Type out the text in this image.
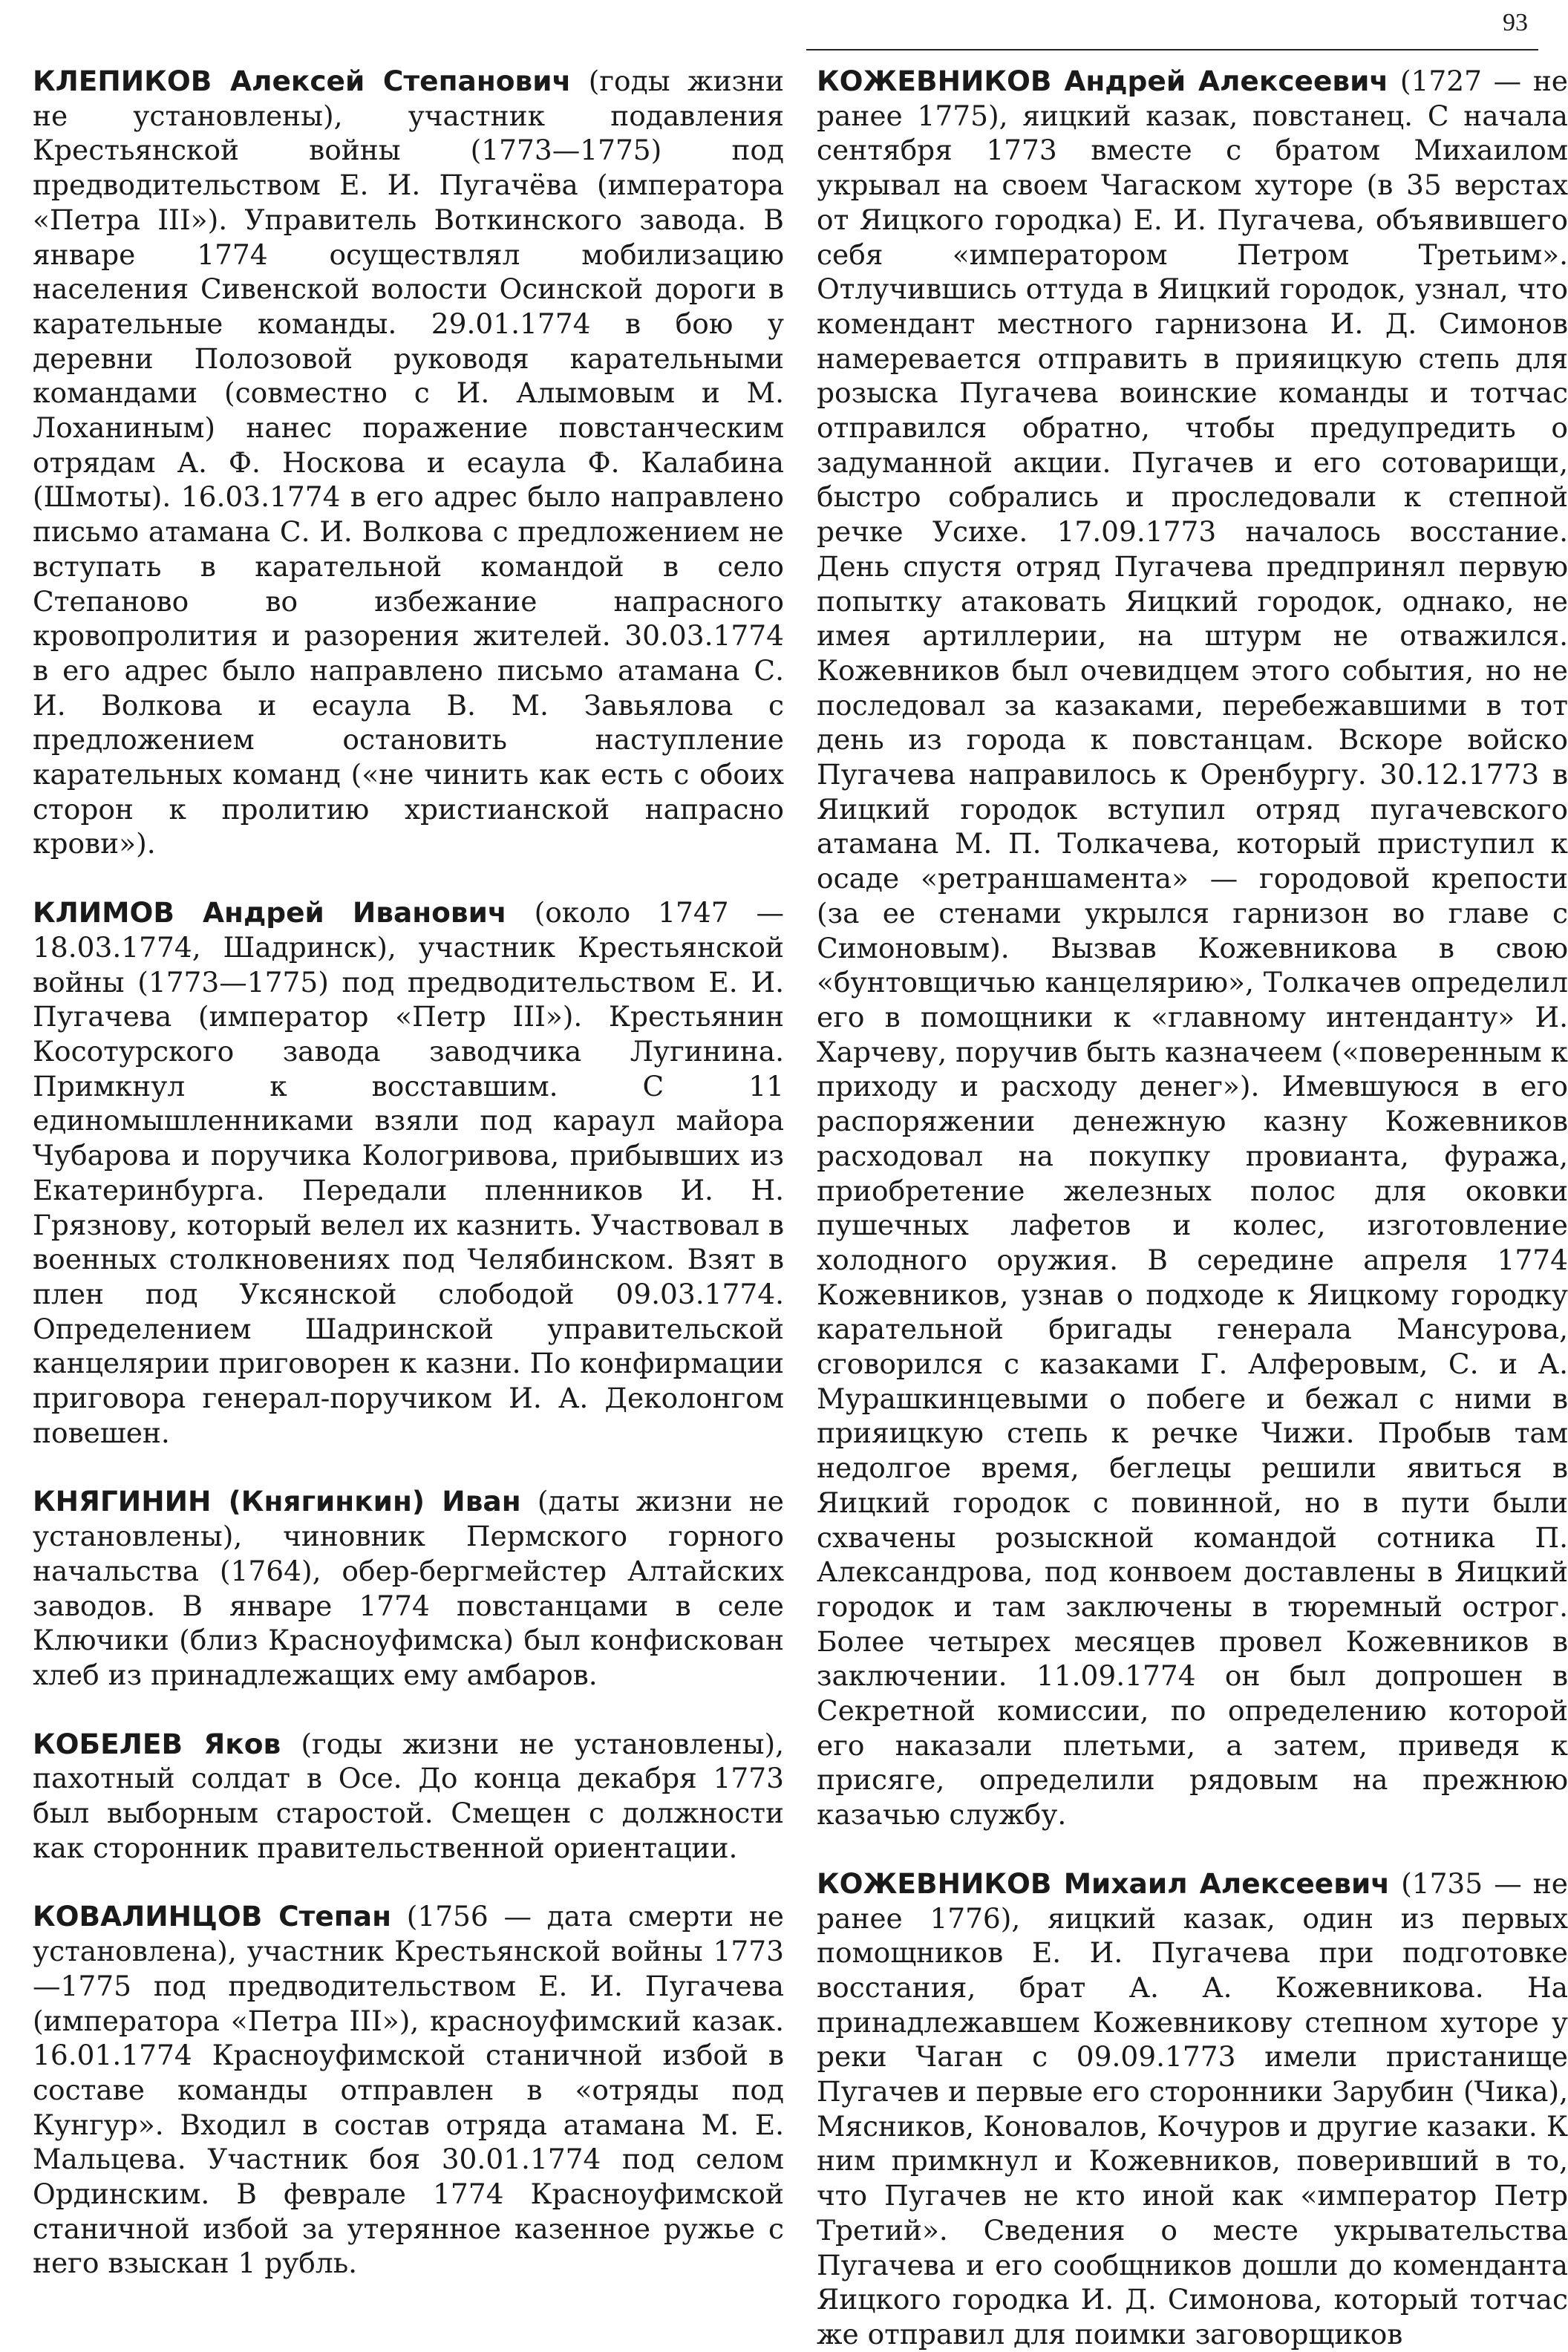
93

КЛЕПИКОВ Алексей Степанович (годы жизни не установлены), участник подавления Крестьянской войны (1773—1775) под предводительством Е. И. Пугачёва (императора «Петра III»). Управитель Воткинского завода. В январе 1774 осуществлял мобилизацию населения Сивенской волости Осинской дороги в карательные команды. 29.01.1774 в бою у деревни Полозовой руководя карательными командами (совместно с И. Алымовым и М. Лоханиным) нанес поражение повстанческим отрядам А. Ф. Носкова и есаула Ф. Калабина (Шмоты). 16.03.1774 в его адрес было направлено письмо атамана С. И. Волкова с предложением не вступать в карательной командой в село Степаново во избежание напрасного кровопролития и разорения жителей. 30.03.1774 в его адрес было направлено письмо атамана С. И. Волкова и есаула В. М. Завьялова с предложением остановить наступление карательных команд («не чинить как есть с обоих сторон к пролитию христианской напрасно крови»).

КЛИМОВ Андрей Иванович (около 1747 — 18.03.1774, Шадринск), участник Крестьянской войны (1773—1775) под предводительством Е. И. Пугачева (император «Петр III»). Крестьянин Косотурского завода заводчика Лугинина. Примкнул к восставшим. С 11 единомышленниками взяли под караул майора Чубарова и поручика Кологривова, прибывших из Екатеринбурга. Передали пленников И. Н. Грязнову, который велел их казнить. Участвовал в военных столкновениях под Челябинском. Взят в плен под Уксянской слободой 09.03.1774. Определением Шадринской управительской канцелярии приговорен к казни. По конфирмации приговора генерал-поручиком И. А. Деколонгом повешен.

КНЯГИНИН (Княгинкин) Иван (даты жизни не установлены), чиновник Пермского горного начальства (1764), обер-бергмейстер Алтайских заводов. В январе 1774 повстанцами в селе Ключики (близ Красноуфимска) был конфискован хлеб из принадлежащих ему амбаров.

КОБЕЛЕВ Яков (годы жизни не установлены), пахотный солдат в Осе. До конца декабря 1773 был выборным старостой. Смещен с должности как сторонник правительственной ориентации.

КОВАЛИНЦОВ Степан (1756 — дата смерти не установлена), участник Крестьянской войны 1773—1775 под предводительством Е. И. Пугачева (императора «Петра III»), красноуфимский казак. 16.01.1774 Красноуфимской станичной избой в составе команды отправлен в «отряды под Кунгур». Входил в состав отряда атамана М. Е. Мальцева. Участник боя 30.01.1774 под селом Ординским. В феврале 1774 Красноуфимской станичной избой за утерянное казенное ружье с него взыскан 1 рубль.

КОЖЕВНИКОВ Андрей Алексеевич (1727 — не ранее 1775), яицкий казак, повстанец. С начала сентября 1773 вместе с братом Михаилом укрывал на своем Чагаском хуторе (в 35 верстах от Яицкого городка) Е. И. Пугачева, объявившего себя «императором Петром Третьим». Отлучившись оттуда в Яицкий городок, узнал, что комендант местного гарнизона И. Д. Симонов намеревается отправить в прияицкую степь для розыска Пугачева воинские команды и тотчас отправился обратно, чтобы предупредить о задуманной акции. Пугачев и его сотоварищи, быстро собрались и проследовали к степной речке Усихе. 17.09.1773 началось восстание. День спустя отряд Пугачева предпринял первую попытку атаковать Яицкий городок, однако, не имея артиллерии, на штурм не отважился. Кожевников был очевидцем этого события, но не последовал за казаками, перебежавшими в тот день из города к повстанцам. Вскоре войско Пугачева направилось к Оренбургу. 30.12.1773 в Яицкий городок вступил отряд пугачевского атамана М. П. Толкачева, который приступил к осаде «ретраншамента» — городовой крепости (за ее стенами укрылся гарнизон во главе с Симоновым). Вызвав Кожевникова в свою «бунтовщичью канцелярию», Толкачев определил его в помощники к «главному интенданту» И. Харчеву, поручив быть казначеем («поверенным к приходу и расходу денег»). Имевшуюся в его распоряжении денежную казну Кожевников расходовал на покупку провианта, фуража, приобретение железных полос для оковки пушечных лафетов и колес, изготовление холодного оружия. В середине апреля 1774 Кожевников, узнав о подходе к Яицкому городку карательной бригады генерала Мансурова, сговорился с казаками Г. Алферовым, С. и А. Мурашкинцевыми о побеге и бежал с ними в прияицкую степь к речке Чижи. Пробыв там недолгое время, беглецы решили явиться в Яицкий городок с повинной, но в пути были схвачены розыскной командой сотника П. Александрова, под конвоем доставлены в Яицкий городок и там заключены в тюремный острог. Более четырех месяцев провел Кожевников в заключении. 11.09.1774 он был допрошен в Секретной комиссии, по определению которой его наказали плетьми, а затем, приведя к присяге, определили рядовым на прежнюю казачью службу.

КОЖЕВНИКОВ Михаил Алексеевич (1735 — не ранее 1776), яицкий казак, один из первых помощников Е. И. Пугачева при подготовке восстания, брат А. А. Кожевникова. На принадлежавшем Кожевникову степном хуторе у реки Чаган с 09.09.1773 имели пристанище Пугачев и первые его сторонники Зарубин (Чика), Мясников, Коновалов, Кочуров и другие казаки. К ним примкнул и Кожевников, поверивший в то, что Пугачев не кто иной как «император Петр Третий». Сведения о месте укрывательства Пугачева и его сообщников дошли до коменданта Яицкого городка И. Д. Симонова, который тотчас же отправил для поимки заговорщиков
